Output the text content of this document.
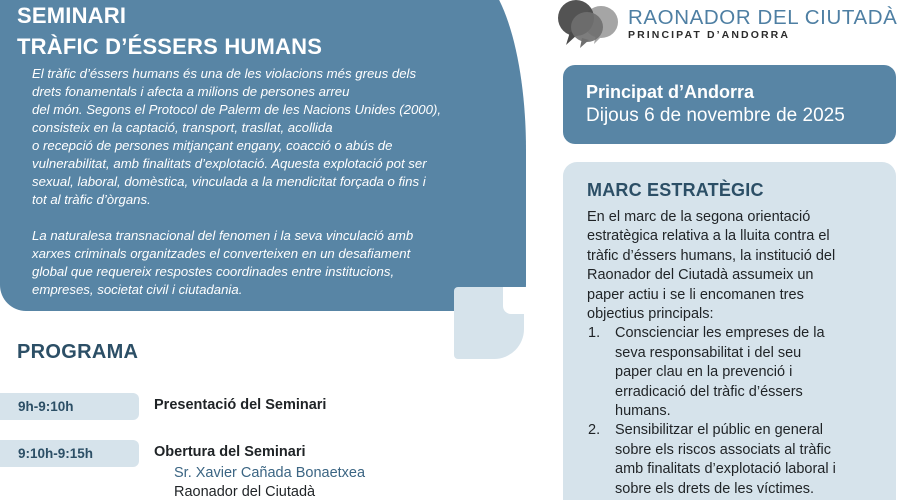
SEMINARI
TRÀFIC D’ÉSSERS HUMANS

El tràfic d’éssers humans és una de les violacions més greus dels
drets fonamentals i afecta a milions de persones arreu
del món. Segons el Protocol de Palerm de les Nacions Unides (2000),
consisteix en la captació, transport, trasllat, acollida
o recepció de persones mitjançant engany, coacció o abús de
vulnerabilitat, amb finalitats d’explotació. Aquesta explotació pot ser
sexual, laboral, domèstica, vinculada a la mendicitat forçada o fins i
tot al tràfic d’òrgans.

La naturalesa transnacional del fenomen i la seva vinculació amb
xarxes criminals organitzades el converteixen en un desafiament
global que requereix respostes coordinades entre institucions,
empreses, societat civil i ciutadania.

PROGRAMA
9h-9:10h	Presentació del Seminari
9:10h-9:15h	Obertura del Seminari
Sr. Xavier Cañada Bonaetxea
Raonador del Ciutadà
RAONADOR DEL CIUTADÀ
PRINCIPAT D’ANDORRA
Principat d’Andorra
Dijous 6 de novembre de 2025
MARC ESTRATÈGIC
En el marc de la segona orientació
estratègica relativa a la lluita contra el
tràfic d’éssers humans, la institució del
Raonador del Ciutadà assumeix un
paper actiu i se li encomanen tres
objectius principals:
1. Conscienciar les empreses de la
seva responsabilitat i del seu
paper clau en la prevenció i
erradicació del tràfic d’éssers
humans.
2. Sensibilitzar el públic en general
sobre els riscos associats al tràfic
amb finalitats d’explotació laboral i
sobre els drets de les víctimes.
